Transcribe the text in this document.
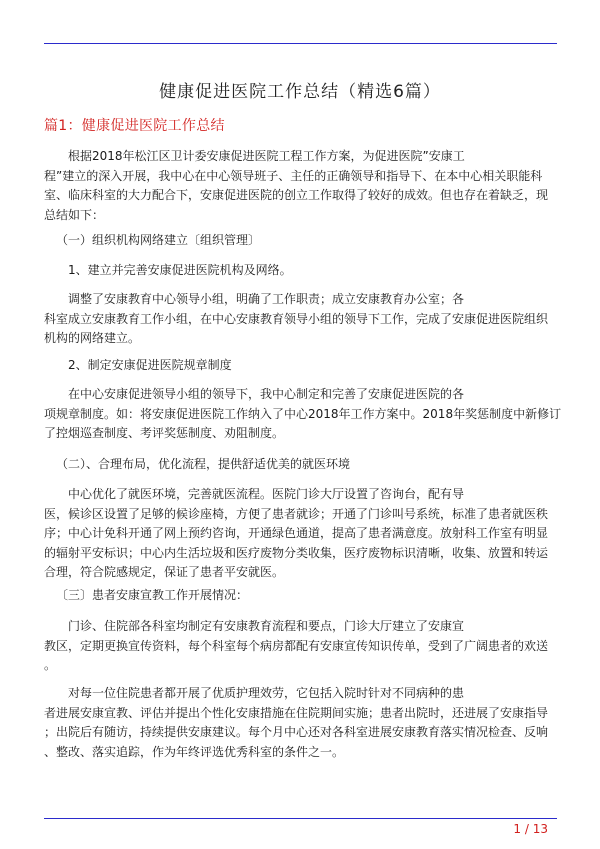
健康促进医院工作总结（精选6篇）
篇1：健康促进医院工作总结
根据2018年松江区卫计委安康促进医院工程工作方案，为促进医院”安康工
程”建立的深入开展，我中心在中心领导班子、主任的正确领导和指导下、在本中心相关职能科
室、临床科室的大力配合下，安康促进医院的创立工作取得了较好的成效。但也存在着缺乏，现
总结如下：
（一）组织机构网络建立〔组织管理〕
1、建立并完善安康促进医院机构及网络。
调整了安康教育中心领导小组，明确了工作职责；成立安康教育办公室；各
科室成立安康教育工作小组，在中心安康教育领导小组的领导下工作，完成了安康促进医院组织
机构的网络建立。
2、制定安康促进医院规章制度
在中心安康促进领导小组的领导下，我中心制定和完善了安康促进医院的各
项规章制度。如：将安康促进医院工作纳入了中心2018年工作方案中。2018年奖惩制度中新修订
了控烟巡查制度、考评奖惩制度、劝阻制度。
（二）、合理布局，优化流程，提供舒适优美的就医环境
中心优化了就医环境，完善就医流程。医院门诊大厅设置了咨询台，配有导
医，候诊区设置了足够的候诊座椅，方便了患者就诊；开通了门诊叫号系统，标准了患者就医秩
序；中心计免科开通了网上预约咨询，开通绿色通道，提高了患者满意度。放射科工作室有明显
的辐射平安标识；中心内生活垃圾和医疗废物分类收集，医疗废物标识清晰，收集、放置和转运
合理，符合院感规定，保证了患者平安就医。
〔三〕患者安康宣教工作开展情况：
门诊、住院部各科室均制定有安康教育流程和要点，门诊大厅建立了安康宣
教区，定期更换宣传资料，每个科室每个病房都配有安康宣传知识传单，受到了广阔患者的欢送
。
对每一位住院患者都开展了优质护理效劳，它包括入院时针对不同病种的患
者进展安康宣教、评估并提出个性化安康措施在住院期间实施；患者出院时，还进展了安康指导
；出院后有随访，持续提供安康建议。每个月中心还对各科室进展安康教育落实情况检查、反响
、整改、落实追踪，作为年终评选优秀科室的条件之一。
1 / 13
